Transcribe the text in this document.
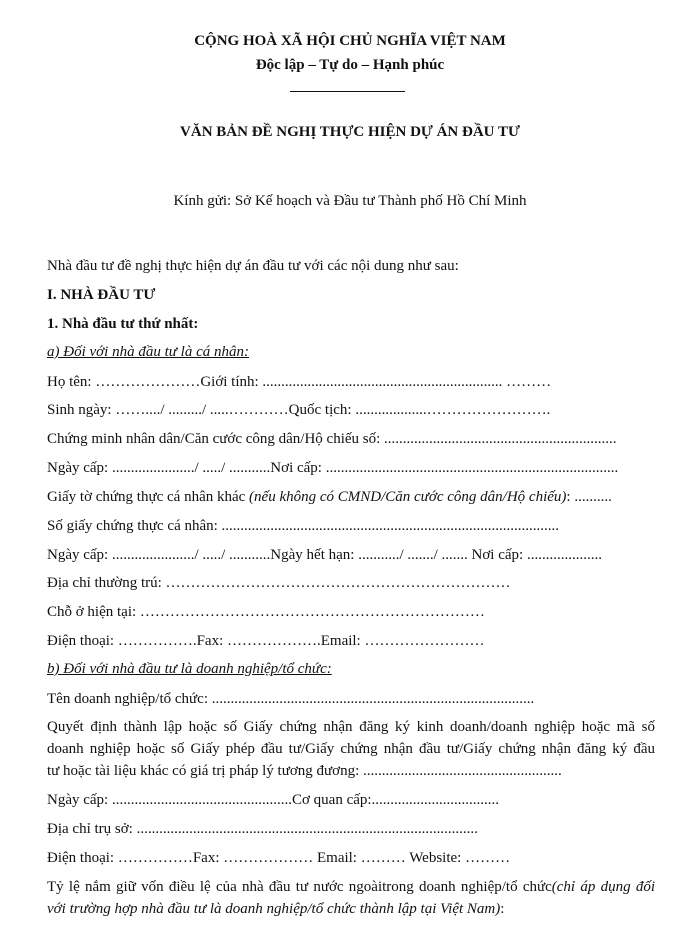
CỘNG HOÀ XÃ HỘI CHỦ NGHĨA VIỆT NAM
Độc lập – Tự do – Hạnh phúc
VĂN BẢN ĐỀ NGHỊ THỰC HIỆN DỰ ÁN ĐẦU TƯ
Kính gửi: Sở Kế hoạch và Đầu tư Thành phố Hồ Chí Minh
Nhà đầu tư đề nghị thực hiện dự án đầu tư với các nội dung như sau:
I. NHÀ ĐẦU TƯ
1. Nhà đầu tư thứ nhất:
a) Đối với nhà đầu tư là cá nhân:
Họ tên: …………………Giới tính: ................................................................ ………
Sinh ngày: ……..../ ........./ .....…………Quốc tịch: ...................…………………….
Chứng minh nhân dân/Căn cước công dân/Hộ chiếu số: ..............................................................
Ngày cấp: ....................../ ...../ ...........Nơi cấp: ..............................................................................
Giấy tờ chứng thực cá nhân khác (nếu không có CMND/Căn cước công dân/Hộ chiếu): ..........
Số giấy chứng thực cá nhân: ..........................................................................................
Ngày cấp: ....................../ ...../ ...........Ngày hết hạn: .........../ ......./ ....... Nơi cấp: ....................
Địa chỉ thường trú: ……………………………………………………………
Chỗ ở hiện tại: ……………………………………………………………
Điện thoại: …………….Fax: ……………….Email: ……………………
b) Đối với nhà đầu tư là doanh nghiệp/tổ chức:
Tên doanh nghiệp/tổ chức: ......................................................................................
Quyết định thành lập hoặc số Giấy chứng nhận đăng ký kinh doanh/doanh nghiệp hoặc mã số
doanh nghiệp hoặc số Giấy phép đầu tư/Giấy chứng nhận đầu tư/Giấy chứng nhận đăng ký đầu
tư hoặc tài liệu khác có giá trị pháp lý tương đương: .....................................................
Ngày cấp: ................................................Cơ quan cấp:..................................
Địa chỉ trụ sở: ...........................................................................................
Điện thoại: ……………Fax: ……………… Email: ……… Website: ………
Tỷ lệ nắm giữ vốn điều lệ của nhà đầu tư nước ngoàitrong doanh nghiệp/tổ chức(chỉ áp dụng đối
với trường hợp nhà đầu tư là doanh nghiệp/tổ chức thành lập tại Việt Nam):
